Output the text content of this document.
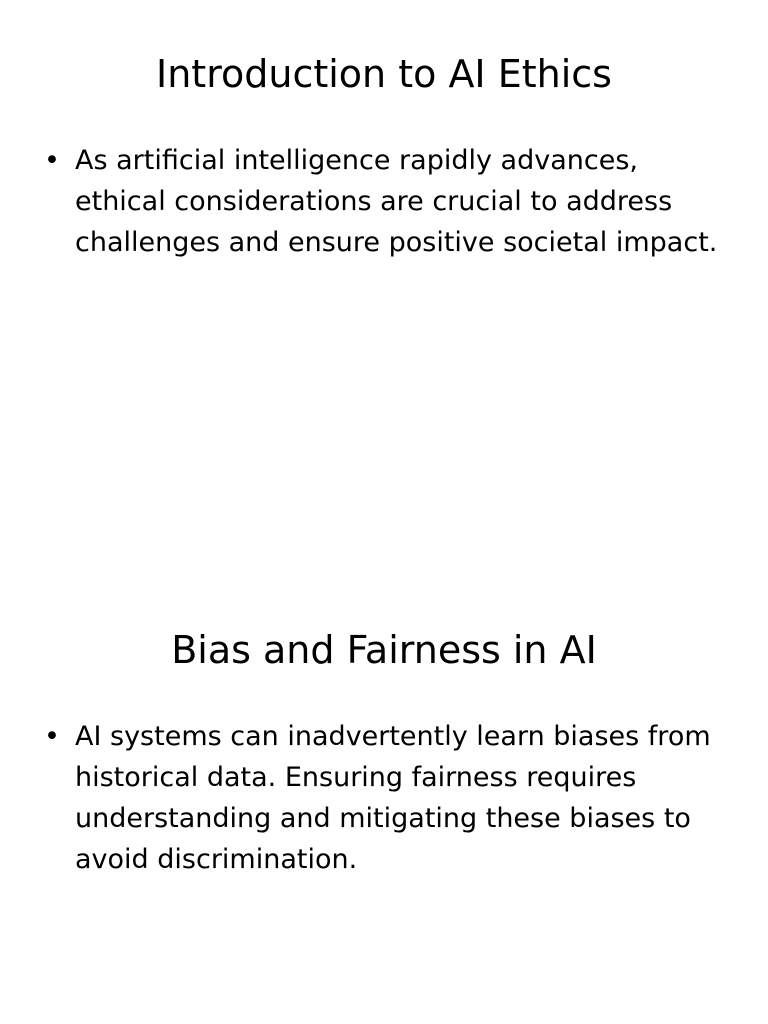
Introduction to AI Ethics
• As artificial intelligence rapidly advances, ethical considerations are crucial to address challenges and ensure positive societal impact.
Bias and Fairness in AI
• AI systems can inadvertently learn biases from historical data. Ensuring fairness requires understanding and mitigating these biases to avoid discrimination.
